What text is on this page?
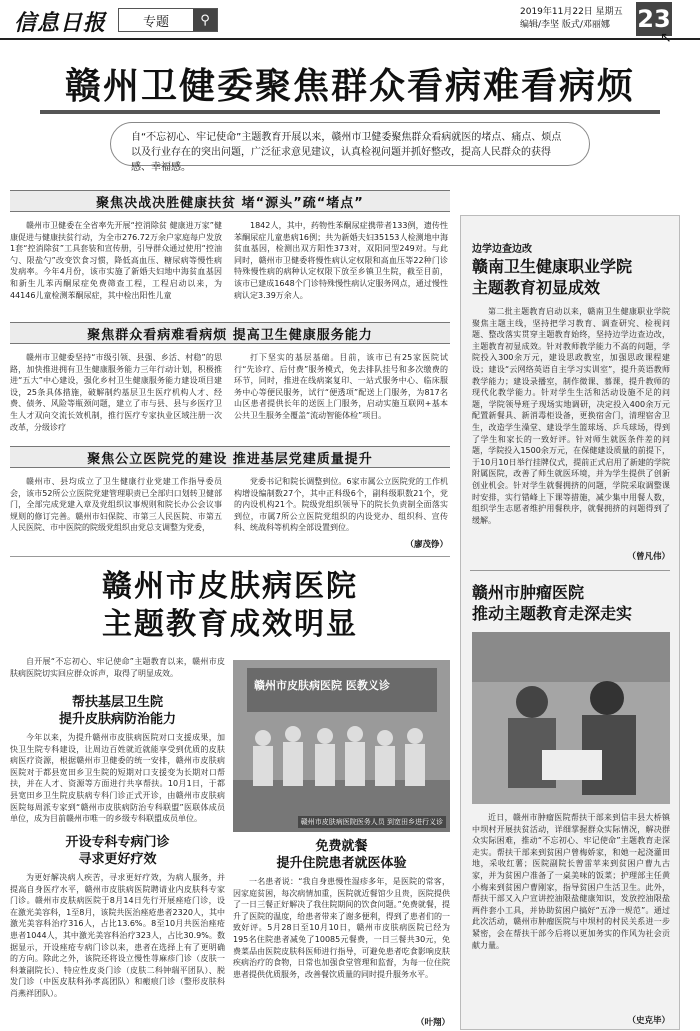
信息日报	专题	⚲
2019年11月22日 星期五
编辑/李坚 版式/邓丽娜	23
↖
赣州卫健委聚焦群众看病难看病烦
自“不忘初心、牢记使命”主题教育开展以来，赣州市卫健委聚焦群众看病就医的堵点、痛点、烦点以及行业存在的突出问题，广泛征求意见建议，认真检视问题并抓好整改，提高人民群众的获得感、幸福感。
聚焦决战决胜健康扶贫 堵“源头”疏“堵点”

赣州市卫健委在全省率先开展“控消除贫 健康进万家”健康促进与健康扶贫行动，为全市276.72万余户家庭每户发放1套“控消除贫”工具套装和宣传册，引导群众通过使用“控油勺、限盐勺”改变饮食习惯，降低高血压、糖尿病等慢性病发病率。今年4月份，该市实施了新婚夫妇地中海贫血基因和新生儿苯丙酮尿症免费筛查工程，工程启动以来，为44146儿童检测苯酮尿症，其中检出阳性儿童

1842人，其中，药物性苯酮尿症携带者133例，遗传性苯酮尿症儿童患病16例；共为新婚夫妇35153人检测地中海贫血基因，检测出双方阳性373对，双阳同型249对。与此同时，赣州市卫健委将慢性病认定权限和高血压等22种门诊特殊慢性病的病种认定权限下放至乡镇卫生院，截至目前，该市已建成1648个门诊特殊慢性病认定服务网点，通过慢性病认定3.39万余人。

聚焦群众看病难看病烦 提高卫生健康服务能力

赣州市卫健委坚持“市级引领、县强、乡活、村稳”的思路，加快推进拥有卫生健康服务能力三年行动计划，积极推进“五大”中心建设，强化乡村卫生健康服务能力建设项目建设，25条具体措施，破解制约基层卫生医疗机构人才、经费、债务、风险等瓶颈问题，建立了市与县、县与乡医疗卫生人才双向交流长效机制，推行医疗专家执业区域注册一次改革，分级诊疗

打下坚实的基层基础。目前，该市已有25家医院试行“先诊疗、后付费”服务模式，免去排队挂号和多次缴费的环节，同时，推进在线病案复印、一站式服务中心、临床服务中心等便民服务，试行“便透项”配送上门服务，为817名山区患者提供长年的送医上门服务，启动实施互联网+基本公共卫生服务全覆盖“流动智能体检”项目。

聚焦公立医院党的建设 推进基层党建质量提升

赣州市、县均成立了卫生健康行业党建工作指导委员会，该市52所公立医院党建管理职责已全部归口划转卫健部门，全部完成党建入章及党组织议事规则和院长办公会议事规则的修订完善。赣州市妇保院、市第三人民医院、市第五人民医院、市中医院的院级党组织由党总支调整为党委，

党委书记和院长调整到位。6家市属公立医院党的工作机构增设编制数27个，其中正科级6个，副科级职数21个，党的内设机构21个。院级党组织领导下的院长负责制全面落实到位，市属7所公立医院党组织的内设党办、组织科、宣传科、统战科等机构全部设置到位。

（廖茂铮）
赣州市皮肤病医院
主题教育成效明显

自开展“不忘初心、牢记使命”主题教育以来，赣州市皮肤病医院切实回应群众诉声，取得了明显成效。

帮扶基层卫生院
提升皮肤病防治能力

今年以来，为提升赣州市皮肤病医院对口支援成果，加快卫生院专科建设，让周边百姓就近就能享受到优质的皮肤病医疗资源，根据赣州市卫健委的统一安排，赣州市皮肤病医院对于都县宽田乡卫生院的短期对口支援变为长期对口帮扶，并在人才、资源等方面进行共享帮扶。10月1日，于都县宽田乡卫生院皮肤病专科门诊正式开诊，由赣州市皮肤病医院每周派专家到“赣州市皮肤病防治专科联盟”医联体成员单位，成为目前赣州市唯一的乡级专科联盟成员单位。

开设专科专病门诊
寻求更好疗效

为更好解决病人疾苦，寻求更好疗效，为病人服务，并提高自身医疗水平，赣州市皮肤病医院聘请业内皮肤科专家门诊。赣州市皮肤病医院于8月14日先行开展痤疮门诊，设在激光美容科，1至8月，该院共医治痤疮患者2320人，其中激光美容科治疗316人，占比13.6%。8至10月共医治痤疮患者1044人，其中激光美容科治疗323人，占比30.9%。数据显示，开设痤疮专病门诊以来，患者在选择上有了更明确的方向。除此之外，该院还将设立慢性荨麻疹门诊（皮肤一科兼副院长）、特应性皮炎门诊（皮肤二科钟瑞平团队）、脱发门诊（中医皮肤科孙孝高团队）和瘢痕门诊（整形皮肤科肖燕祥团队）。

赣州市皮肤病医院 医教义诊
赣州市皮肤病医院医务人员 到宽田乡进行义诊
免费就餐
提升住院患者就医体验

一名患者说：“我自身患慢性湿疹多年，是医院的常客，因家庭贫困，每次病情加重，医院就近餐馆少且贵，医院提供了一日三餐正好解决了我住院期间的饮食问题。”免费就餐，提升了医院的温度，给患者带来了谢多便利，得到了患者们的一致好评。5月28日至10月10日，赣州市皮肤病医院已经为195名住院患者减免了10085元餐费，一日三餐共30元，免费菜品由医院皮肤科医师进行指导，可避免患者吃食影响皮肤疾病治疗的食物，日常也加强食堂管理和监督，为每一位住院患者提供优质服务，改善餐饮质量的同时提升服务水平。

（叶翔）
边学边查边改
赣南卫生健康职业学院
主题教育初显成效

第二批主题教育启动以来，赣南卫生健康职业学院聚焦主题主线，坚持把学习教育、调查研究、检视问题、整改落实贯穿主题教育始终，坚持边学边查边改，主题教育初显成效。针对教师教学能力不高的问题，学院投入300余万元，建设思政教室，加强思政课程建设；建设“云网络英语自主学习实训室”，提升英语教师教学能力；建设录播室，制作微课、慕课，提升教师的现代化教学能力。针对学生生活和活动设施不足的问题，学院领导班子现场实地调研，决定投入400余万元配置新餐具、新消毒柜设备，更换宿舍门，清理宿舍卫生，改造学生澡堂、建设学生篮球场、乒乓球场，得到了学生和家长的一致好评。针对师生就医条件差的问题，学院投入1500余万元，在保健建设质量的前提下，于10月10日举行挂牌仪式，提前正式启用了新建的学院附属医院，改善了师生就医环境，并为学生提供了创新创业机会。针对学生就餐拥挤的问题，学院采取调整课时安排，实行错峰上下课等措施，减少集中用餐人数，组织学生志愿者维护用餐秩序，就餐拥挤的问题得到了缓解。

（曾凡伟）
赣州市肿瘤医院
推动主题教育走深走实

近日，赣州市肿瘤医院帮扶干部来到信丰县大桥镇中坝村开展扶贫活动，详细掌握群众实际情况，解决群众实际困难，推动“不忘初心、牢记使命”主题教育走深走实。帮扶干部来到贫困户曾梅娇家，和她一起浇灌田地，采收红薯；医院副院长曾雷苹来到贫困户曹九古家，并为贫困户准备了一桌美味的饭菜；护理部主任黄小梅来到贫困户曹刚家，指导贫困户生活卫生。此外，帮扶干部又入户宣讲控油限盐健康知识，发放控油限盐两件套小工具，并协助贫困户搞好“五净一规范”。通过此次活动，赣州市肿瘤医院与中坝村的村民关系进一步紧密，会在帮扶干部今后将以更加务实的作风为社会贡献力量。

（史克毕）
